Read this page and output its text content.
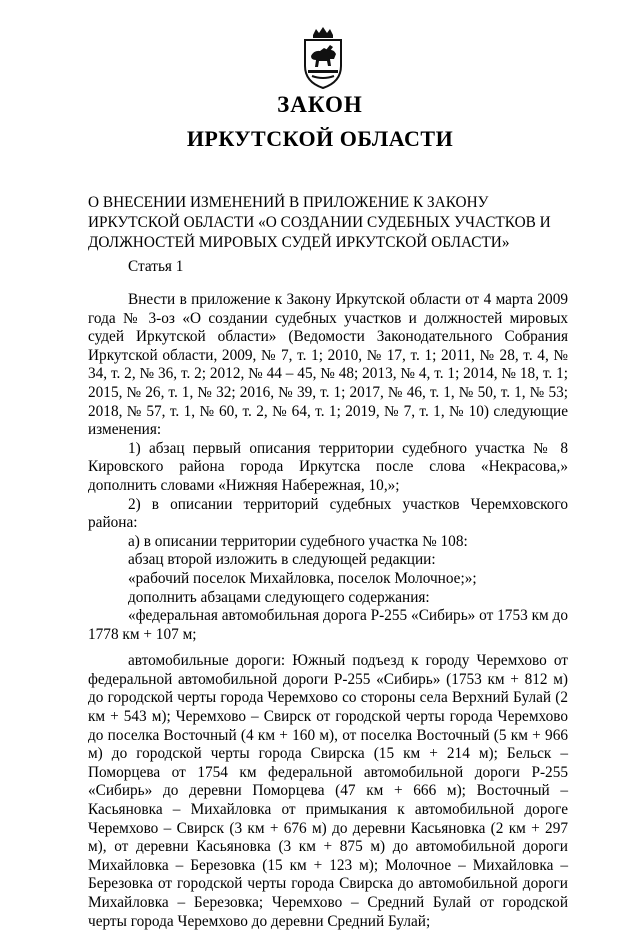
ЗАКОН
ИРКУТСКОЙ ОБЛАСТИ
О ВНЕСЕНИИ ИЗМЕНЕНИЙ В ПРИЛОЖЕНИЕ К ЗАКОНУ ИРКУТСКОЙ ОБЛАСТИ «О СОЗДАНИИ СУДЕБНЫХ УЧАСТКОВ И ДОЛЖНОСТЕЙ МИРОВЫХ СУДЕЙ ИРКУТСКОЙ ОБЛАСТИ»
Статья 1

Внести в приложение к Закону Иркутской области от 4 марта 2009 года № 3-оз «О создании судебных участков и должностей мировых судей Иркутской области» (Ведомости Законодательного Собрания Иркутской области, 2009, № 7, т. 1; 2010, № 17, т. 1; 2011, № 28, т. 4, № 34, т. 2, № 36, т. 2; 2012, № 44 – 45, № 48; 2013, № 4, т. 1; 2014, № 18, т. 1; 2015, № 26, т. 1, № 32; 2016, № 39, т. 1; 2017, № 46, т. 1, № 50, т. 1, № 53; 2018, № 57, т. 1, № 60, т. 2, № 64, т. 1; 2019, № 7, т. 1, № 10) следующие изменения:

1) абзац первый описания территории судебного участка № 8 Кировского района города Иркутска после слова «Некрасова,» дополнить словами «Нижняя Набережная, 10,»;

2) в описании территорий судебных участков Черемховского района:

а) в описании территории судебного участка № 108:

абзац второй изложить в следующей редакции:

«рабочий поселок Михайловка, поселок Молочное;»;

дополнить абзацами следующего содержания:

«федеральная автомобильная дорога Р-255 «Сибирь» от 1753 км до 1778 км + 107 м;

автомобильные дороги: Южный подъезд к городу Черемхово от федеральной автомобильной дороги Р-255 «Сибирь» (1753 км + 812 м) до городской черты города Черемхово со стороны села Верхний Булай (2 км + 543 м); Черемхово – Свирск от городской черты города Черемхово до поселка Восточный (4 км + 160 м), от поселка Восточный (5 км + 966 м) до городской черты города Свирска (15 км + 214 м); Бельск – Поморцева от 1754 км федеральной автомобильной дороги Р-255 «Сибирь» до деревни Поморцева (47 км + 666 м); Восточный – Касьяновка – Михайловка от примыкания к автомобильной дороге Черемхово – Свирск (3 км + 676 м) до деревни Касьяновка (2 км + 297 м), от деревни Касьяновка (3 км + 875 м) до автомобильной дороги Михайловка – Березовка (15 км + 123 м); Молочное – Михайловка – Березовка от городской черты города Свирска до автомобильной дороги Михайловка – Березовка; Черемхово – Средний Булай от городской черты города Черемхово до деревни Средний Булай;
